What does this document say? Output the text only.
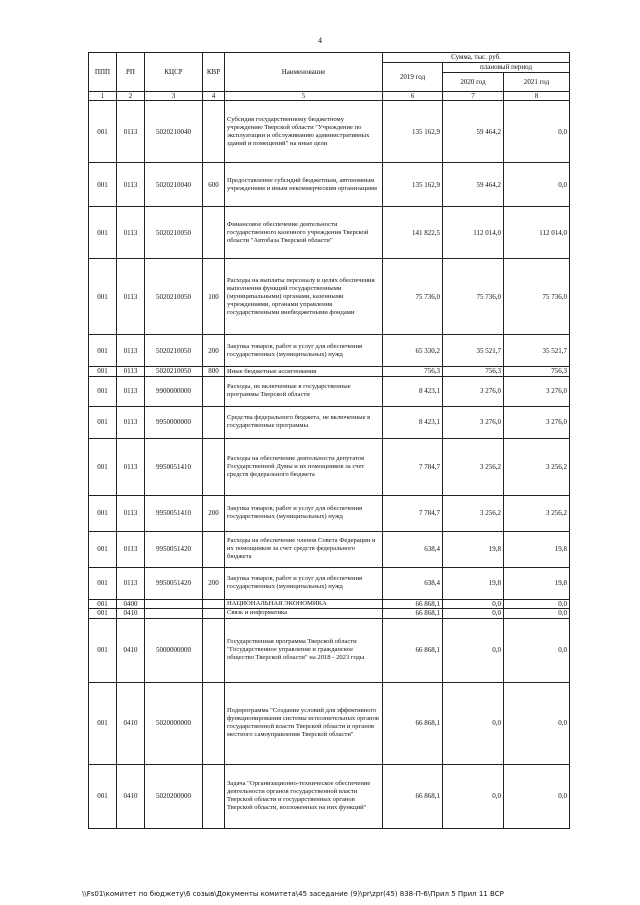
4
ППП	РП	КЦСР	КВР	Наименование	Сумма, тыс. руб.		
					2019 год	плановый период	
						2020 год	2021 год
1	2	3	4	5	6	7	8
001	0113	5020210040		Субсидия государственному бюджетному учреждению Тверской области "Учреждение по эксплуатации и обслуживанию административных зданий и помещений" на иные цели	135 162,9	59 464,2	0,0
001	0113	5020210040	600	Предоставление субсидий бюджетным, автономным учреждениям и иным некоммерческим организациям	135 162,9	59 464,2	0,0
001	0113	5020210050		Финансовое обеспечение деятельности государственного казенного учреждения Тверской области "Автобаза Тверской области"	141 822,5	112 014,0	112 014,0
001	0113	5020210050	100	Расходы на выплаты персоналу в целях обеспечения выполнения функций государственными (муниципальными) органами, казенными учреждениями, органами управления государственными внебюджетными фондами	75 736,0	75 736,0	75 736,0
001	0113	5020210050	200	Закупка товаров, работ и услуг для обеспечения государственных (муниципальных) нужд	65 330,2	35 521,7	35 521,7
001	0113	5020210050	800	Иные бюджетные ассигнования	756,3	756,3	756,3
001	0113	9900000000		Расходы, не включенные в государственные программы Тверской области	8 423,1	3 276,0	3 276,0
001	0113	9950000000		Средства федерального бюджета, не включенные в государственные программы	8 423,1	3 276,0	3 276,0
001	0113	9950051410		Расходы на обеспечение деятельности депутатов Государственной Думы и их помощников за счет средств федерального бюджета	7 784,7	3 256,2	3 256,2
001	0113	9950051410	200	Закупка товаров, работ и услуг для обеспечения государственных (муниципальных) нужд	7 784,7	3 256,2	3 256,2
001	0113	9950051420		Расходы на обеспечение членов Совета Федерации и их помощников за счет средств федерального бюджета	638,4	19,8	19,8
001	0113	9950051420	200	Закупка товаров, работ и услуг для обеспечения государственных (муниципальных) нужд	638,4	19,8	19,8
001	0400			НАЦИОНАЛЬНАЯ ЭКОНОМИКА	66 868,1	0,0	0,0
001	0410			Связь и информатика	66 868,1	0,0	0,0
001	0410	5000000000		Государственная программа Тверской области "Государственное управление и гражданское общество Тверской области" на 2018 - 2023 годы	66 868,1	0,0	0,0
001	0410	5020000000		Подпрограмма "Создание условий для эффективного функционирования системы исполнительных органов государственной власти Тверской области и органов местного самоуправления Тверской области"	66 868,1	0,0	0,0
001	0410	5020200000		Задача "Организационно-техническое обеспечение деятельности органов государственной власти Тверской области и государственных органов Тверской области, возложенных на них функций"	66 868,1	0,0	0,0
\\Fs01\комитет по бюджету\6 созыв\Документы комитета\45 заседание (9)\pr\zpr(45) 838-П-6\Прил 5 Прил 11 ВСР
